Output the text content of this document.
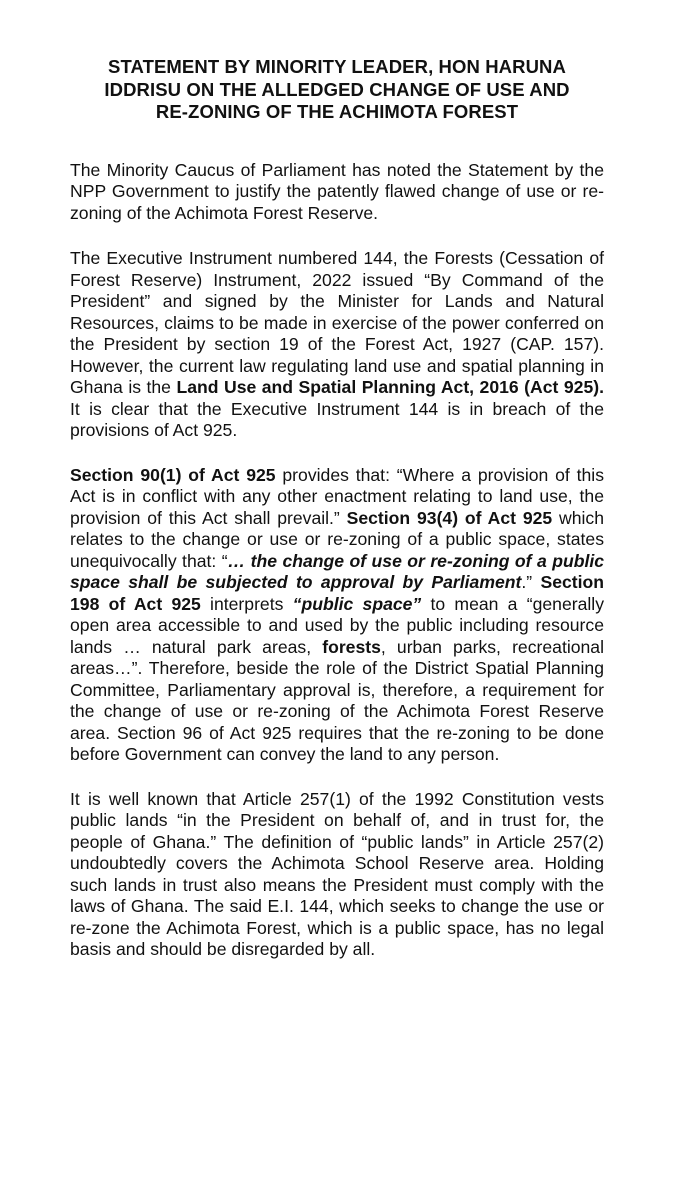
STATEMENT BY MINORITY LEADER, HON HARUNA
IDDRISU ON THE ALLEDGED CHANGE OF USE AND
RE-ZONING OF THE ACHIMOTA FOREST

The Minority Caucus of Parliament has noted the Statement by the NPP Government to justify the patently flawed change of use or re-zoning of the Achimota Forest Reserve.

The Executive Instrument numbered 144, the Forests (Cessation of Forest Reserve) Instrument, 2022 issued “By Command of the President” and signed by the Minister for Lands and Natural Resources, claims to be made in exercise of the power conferred on the President by section 19 of the Forest Act, 1927 (CAP. 157). However, the current law regulating land use and spatial planning in Ghana is the Land Use and Spatial Planning Act, 2016 (Act 925). It is clear that the Executive Instrument 144 is in breach of the provisions of Act 925.

Section 90(1) of Act 925 provides that: “Where a provision of this Act is in conflict with any other enactment relating to land use, the provision of this Act shall prevail.” Section 93(4) of Act 925 which relates to the change or use or re-zoning of a public space, states unequivocally that: “… the change of use or re-zoning of a public space shall be subjected to approval by Parliament.” Section 198 of Act 925 interprets “public space” to mean a “generally open area accessible to and used by the public including resource lands … natural park areas, forests, urban parks, recreational areas…”. Therefore, beside the role of the District Spatial Planning Committee, Parliamentary approval is, therefore, a requirement for the change of use or re-zoning of the Achimota Forest Reserve area. Section 96 of Act 925 requires that the re-zoning to be done before Government can convey the land to any person.

It is well known that Article 257(1) of the 1992 Constitution vests public lands “in the President on behalf of, and in trust for, the people of Ghana.” The definition of “public lands” in Article 257(2) undoubtedly covers the Achimota School Reserve area. Holding such lands in trust also means the President must comply with the laws of Ghana. The said E.I. 144, which seeks to change the use or re-zone the Achimota Forest, which is a public space, has no legal basis and should be disregarded by all.
